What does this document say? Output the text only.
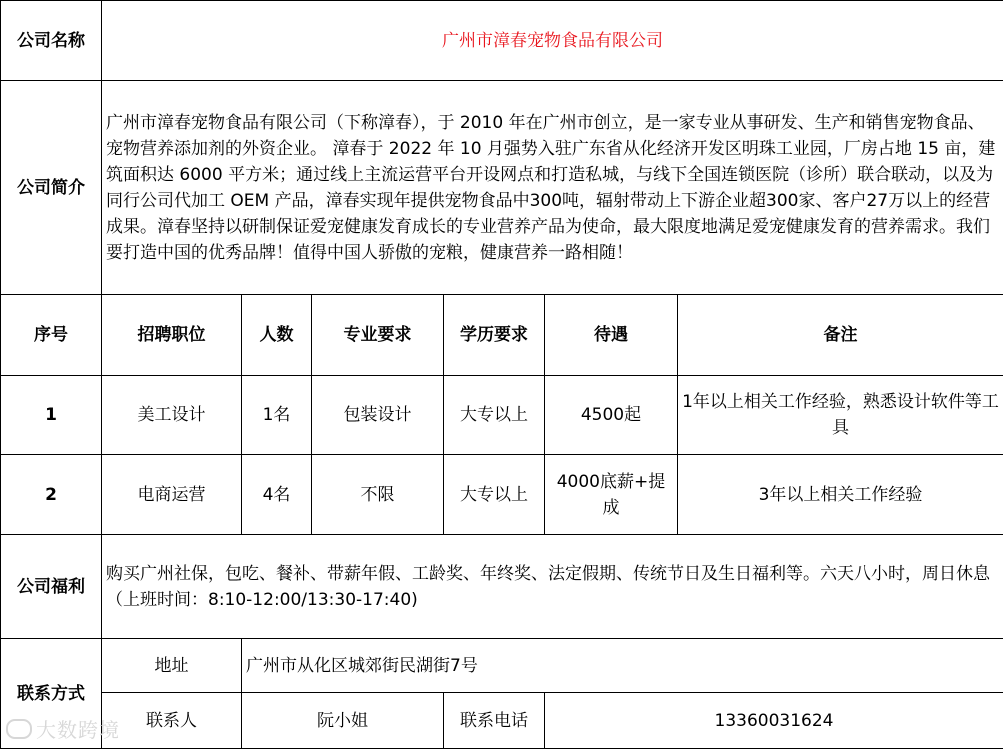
公司名称	广州市漳春宠物食品有限公司					
公司简介	广州市漳春宠物食品有限公司（下称漳春），于 2010 年在广州市创立，是一家专业从事研发、生产和销售宠物食品、宠物营养添加剂的外资企业。 漳春于 2022 年 10 月强势入驻广东省从化经济开发区明珠工业园，厂房占地 15 亩，建筑面积达 6000 平方米；通过线上主流运营平台开设网点和打造私城，与线下全国连锁医院（诊所）联合联动，以及为同行公司代加工 OEM 产品，漳春实现年提供宠物食品中300吨，辐射带动上下游企业超300家、客户27万以上的经营成果。漳春坚持以研制保证爱宠健康发育成长的专业营养产品为使命，最大限度地满足爱宠健康发育的营养需求。我们要打造中国的优秀品牌！值得中国人骄傲的宠粮，健康营养一路相随！					
序号	招聘职位	人数	专业要求	学历要求	待遇	备注
1	美工设计	1名	包装设计	大专以上	4500起	1年以上相关工作经验，熟悉设计软件等工具
2	电商运营	4名	不限	大专以上	4000底薪+提成	3年以上相关工作经验
公司福利	购买广州社保，包吃、餐补、带薪年假、工龄奖、年终奖、法定假期、传统节日及生日福利等。六天八小时，周日休息（上班时间：8:10-12:00/13:30-17:40)					
联系方式	地址	广州市从化区城郊街民湖街7号				
	联系人	阮小姐		联系电话	13360031624	
大数跨境
